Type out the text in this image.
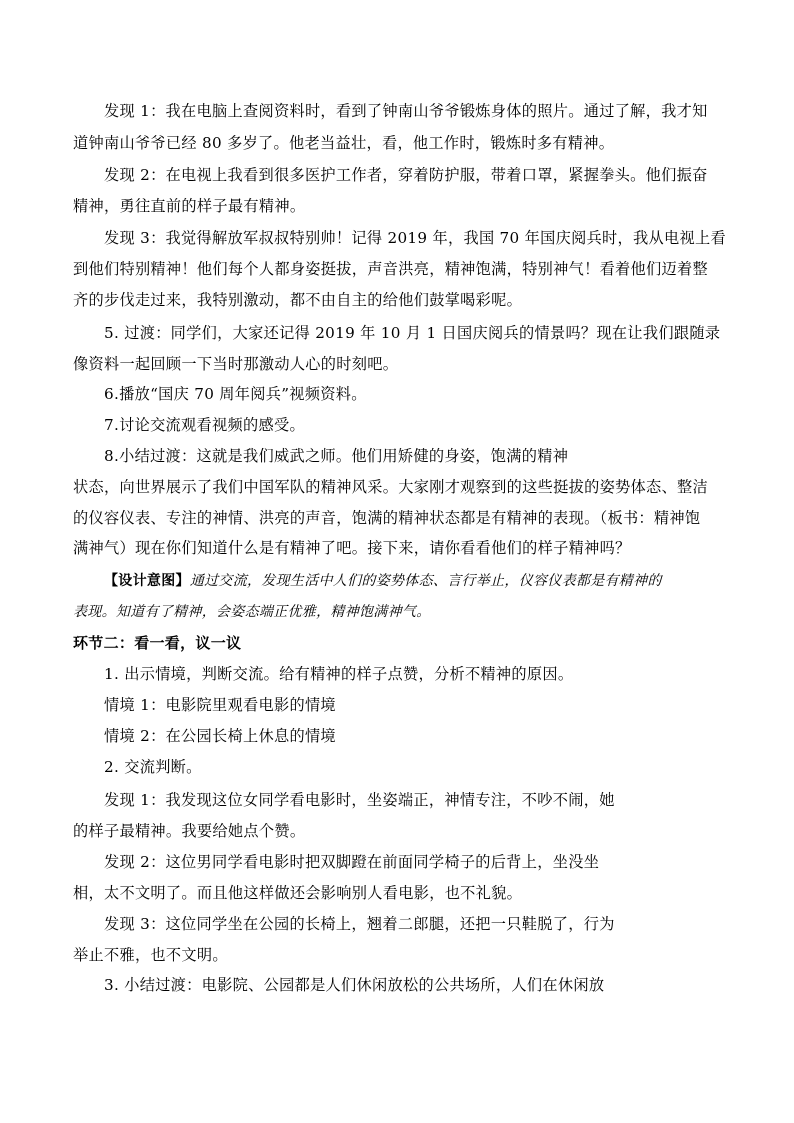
发现 1：我在电脑上查阅资料时，看到了钟南山爷爷锻炼身体的照片。通过了解，我才知
道钟南山爷爷已经 80 多岁了。他老当益壮，看，他工作时，锻炼时多有精神。
发现 2：在电视上我看到很多医护工作者，穿着防护服，带着口罩，紧握拳头。他们振奋
精神，勇往直前的样子最有精神。
发现 3：我觉得解放军叔叔特别帅！记得 2019 年，我国 70 年国庆阅兵时，我从电视上看
到他们特别精神！他们每个人都身姿挺拔，声音洪亮，精神饱满，特别神气！看着他们迈着整
齐的步伐走过来，我特别激动，都不由自主的给他们鼓掌喝彩呢。
5. 过渡：同学们，大家还记得 2019 年 10 月 1 日国庆阅兵的情景吗？现在让我们跟随录
像资料一起回顾一下当时那激动人心的时刻吧。
6.播放“国庆 70 周年阅兵”视频资料。
7.讨论交流观看视频的感受。
8.小结过渡：这就是我们威武之师。他们用矫健的身姿，饱满的精神
状态，向世界展示了我们中国军队的精神风采。大家刚才观察到的这些挺拔的姿势体态、整洁
的仪容仪表、专注的神情、洪亮的声音，饱满的精神状态都是有精神的表现。（板书：精神饱
满神气）现在你们知道什么是有精神了吧。接下来，请你看看他们的样子精神吗？
【设计意图】通过交流，发现生活中人们的姿势体态、言行举止，仪容仪表都是有精神的
表现。知道有了精神，会姿态端正优雅，精神饱满神气。
环节二：看一看，议一议
1. 出示情境，判断交流。给有精神的样子点赞，分析不精神的原因。
情境 1：电影院里观看电影的情境
情境 2：在公园长椅上休息的情境
2. 交流判断。
发现 1：我发现这位女同学看电影时，坐姿端正，神情专注，不吵不闹，她
的样子最精神。我要给她点个赞。
发现 2：这位男同学看电影时把双脚蹬在前面同学椅子的后背上，坐没坐
相，太不文明了。而且他这样做还会影响别人看电影，也不礼貌。
发现 3：这位同学坐在公园的长椅上，翘着二郎腿，还把一只鞋脱了，行为
举止不雅，也不文明。
3. 小结过渡：电影院、公园都是人们休闲放松的公共场所，人们在休闲放
